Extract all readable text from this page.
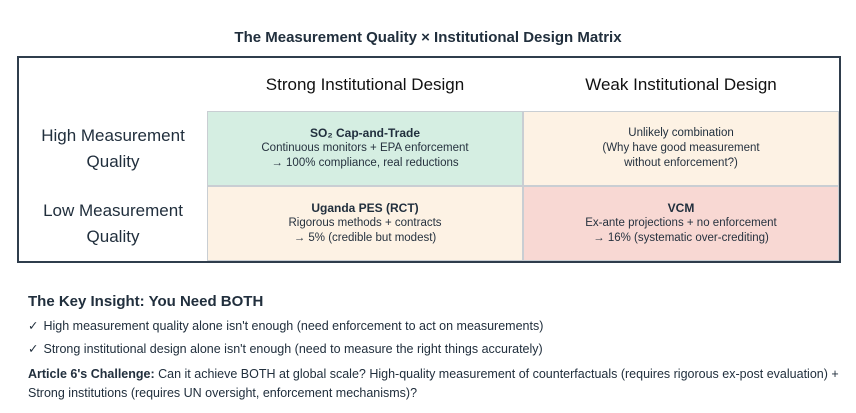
The Measurement Quality × Institutional Design Matrix
Strong Institutional Design	Weak Institutional Design
High Measurement Quality
SO₂ Cap-and-Trade
Continuous monitors + EPA enforcement
→ 100% compliance, real reductions
Unlikely combination
(Why have good measurement
without enforcement?)
Low Measurement Quality
Uganda PES (RCT)
Rigorous methods + contracts
→ 5% (credible but modest)
VCM
Ex-ante projections + no enforcement
→ 16% (systematic over-crediting)
The Key Insight: You Need BOTH
✓ High measurement quality alone isn't enough (need enforcement to act on measurements)
✓ Strong institutional design alone isn't enough (need to measure the right things accurately)

Article 6's Challenge: Can it achieve BOTH at global scale? High-quality measurement of counterfactuals (requires rigorous ex-post evaluation) + Strong institutions (requires UN oversight, enforcement mechanisms)?
